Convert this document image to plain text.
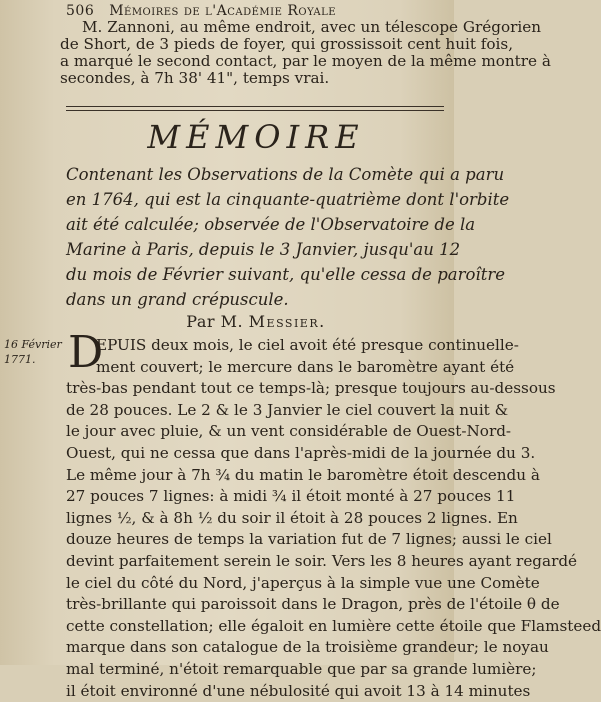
506 Mémoires de l'Académie Royale
M. Zannoni, au même endroit, avec un télescope Grégorien
de Short, de 3 pieds de foyer, qui grossissoit cent huit fois,
a marqué le second contact, par le moyen de la même montre à
secondes, à 7h 38' 41", temps vrai.
MÉMOIRE
Contenant les Observations de la Comète qui a paru
en 1764, qui est la cinquante-quatrième dont l'orbite
ait été calculée; observée de l'Observatoire de la
Marine à Paris, depuis le 3 Janvier, jusqu'au 12
du mois de Février suivant, qu'elle cessa de paroître
dans un grand crépuscule.
Par M. Messier.
16 Février
1771. D
EPUIS deux mois, le ciel avoit été presque continuelle-
ment couvert; le mercure dans le baromètre ayant été
très-bas pendant tout ce temps-là; presque toujours au-dessous
de 28 pouces. Le 2 & le 3 Janvier le ciel couvert la nuit &
le jour avec pluie, & un vent considérable de Ouest-Nord-
Ouest, qui ne cessa que dans l'après-midi de la journée du 3.
Le même jour à 7h ¾ du matin le baromètre étoit descendu à
27 pouces 7 lignes: à midi ¾ il étoit monté à 27 pouces 11
lignes ½, & à 8h ½ du soir il étoit à 28 pouces 2 lignes. En
douze heures de temps la variation fut de 7 lignes; aussi le ciel
devint parfaitement serein le soir. Vers les 8 heures ayant regardé
le ciel du côté du Nord, j'aperçus à la simple vue une Comète
très-brillante qui paroissoit dans le Dragon, près de l'étoile θ de
cette constellation; elle égaloit en lumière cette étoile que Flamsteed
marque dans son catalogue de la troisième grandeur; le noyau
mal terminé, n'étoit remarquable que par sa grande lumière;
il étoit environné d'une nébulosité qui avoit 13 à 14 minutes
